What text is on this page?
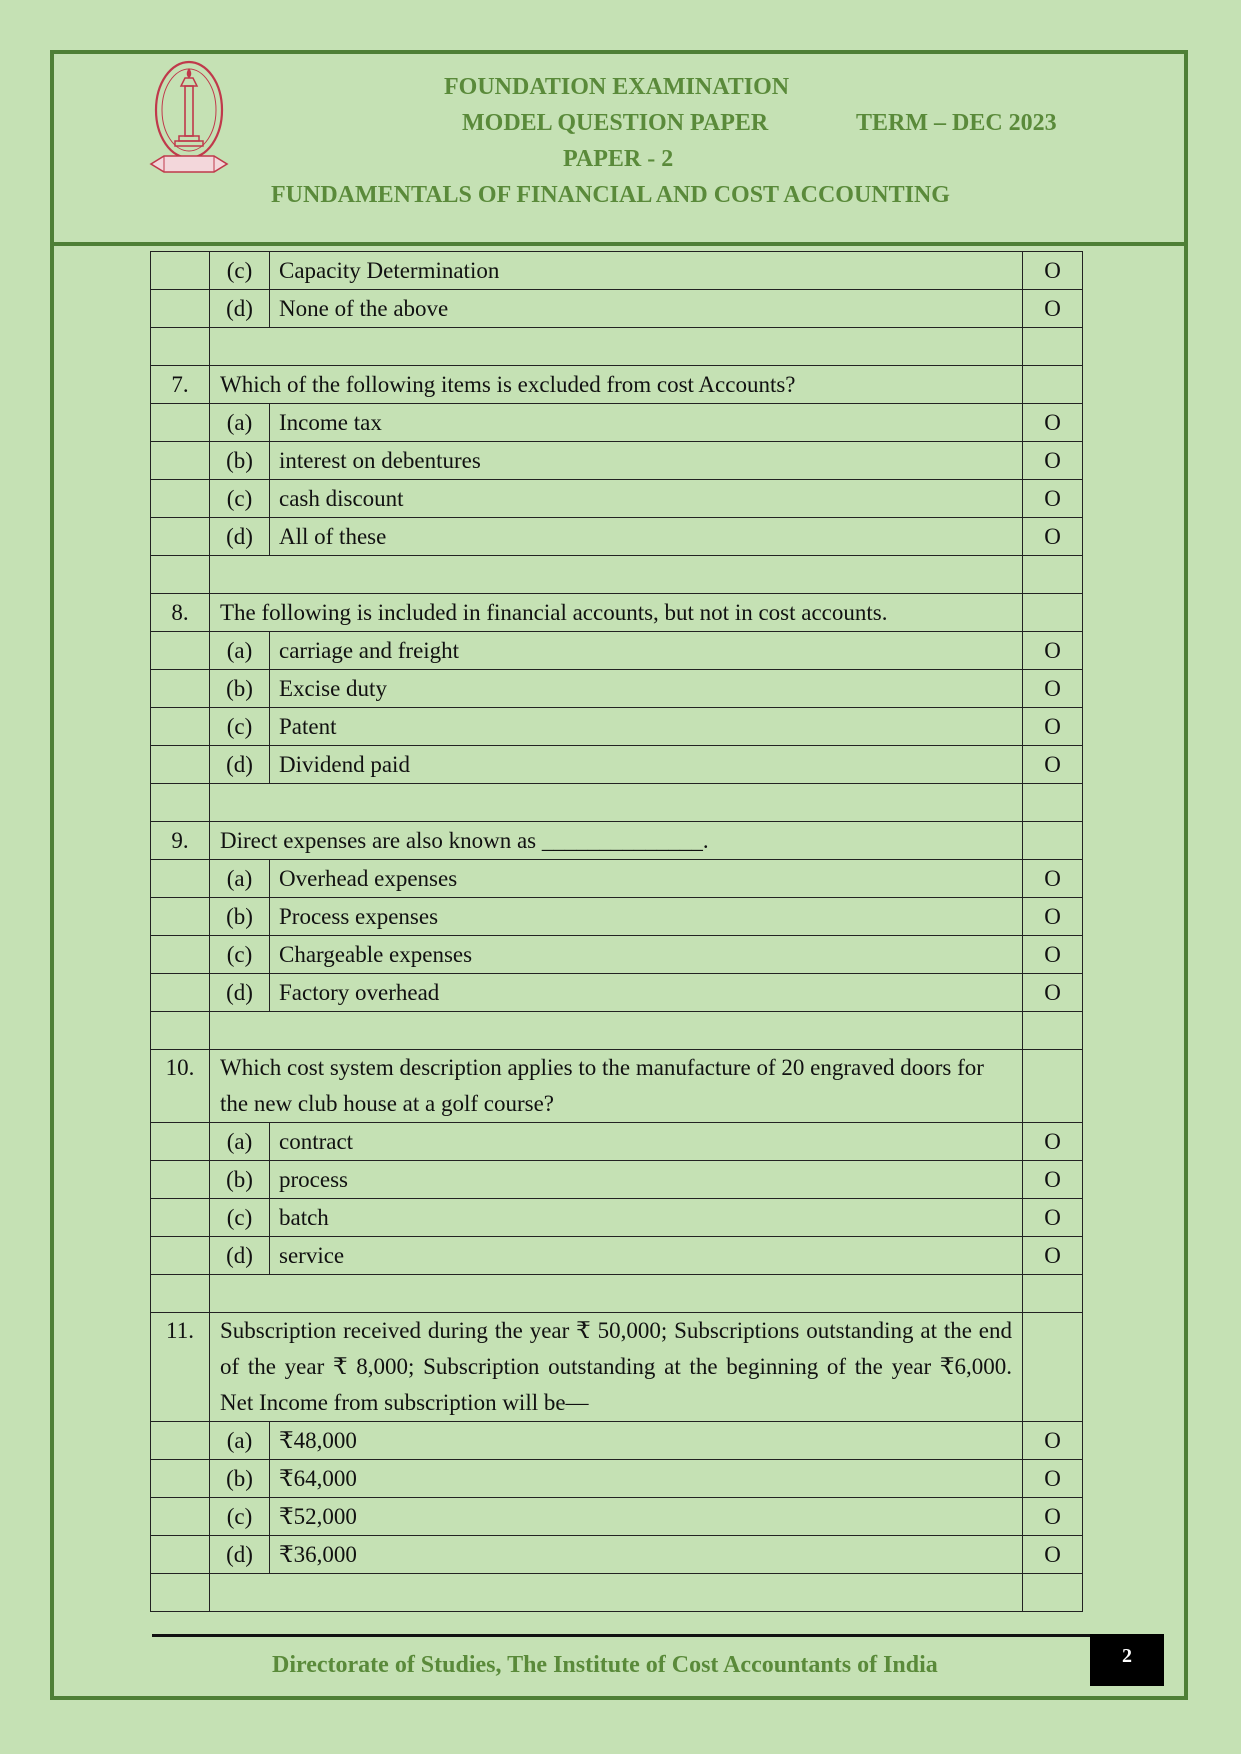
FOUNDATION EXAMINATION
MODEL QUESTION PAPER	TERM – DEC 2023
PAPER - 2
FUNDAMENTALS OF FINANCIAL AND COST ACCOUNTING
	(c)	Capacity Determination	O
	(d)	None of the above	O

7.	Which of the following items is excluded from cost Accounts?		
	(a)	Income tax	O
	(b)	interest on debentures	O
	(c)	cash discount	O
	(d)	All of these	O

8.	The following is included in financial accounts, but not in cost accounts.		
	(a)	carriage and freight	O
	(b)	Excise duty	O
	(c)	Patent	O
	(d)	Dividend paid	O

9.	Direct expenses are also known as ______________.		
	(a)	Overhead expenses	O
	(b)	Process expenses	O
	(c)	Chargeable expenses	O
	(d)	Factory overhead	O

10.	Which cost system description applies to the manufacture of 20 engraved doors for the new club house at a golf course?		
	(a)	contract	O
	(b)	process	O
	(c)	batch	O
	(d)	service	O

11.	Subscription received during the year ₹ 50,000; Subscriptions outstanding at the end of the year ₹ 8,000; Subscription outstanding at the beginning of the year ₹6,000. Net Income from subscription will be—		
	(a)	₹48,000	O
	(b)	₹64,000	O
	(c)	₹52,000	O
	(d)	₹36,000	O

Directorate of Studies, The Institute of Cost Accountants of India	2
